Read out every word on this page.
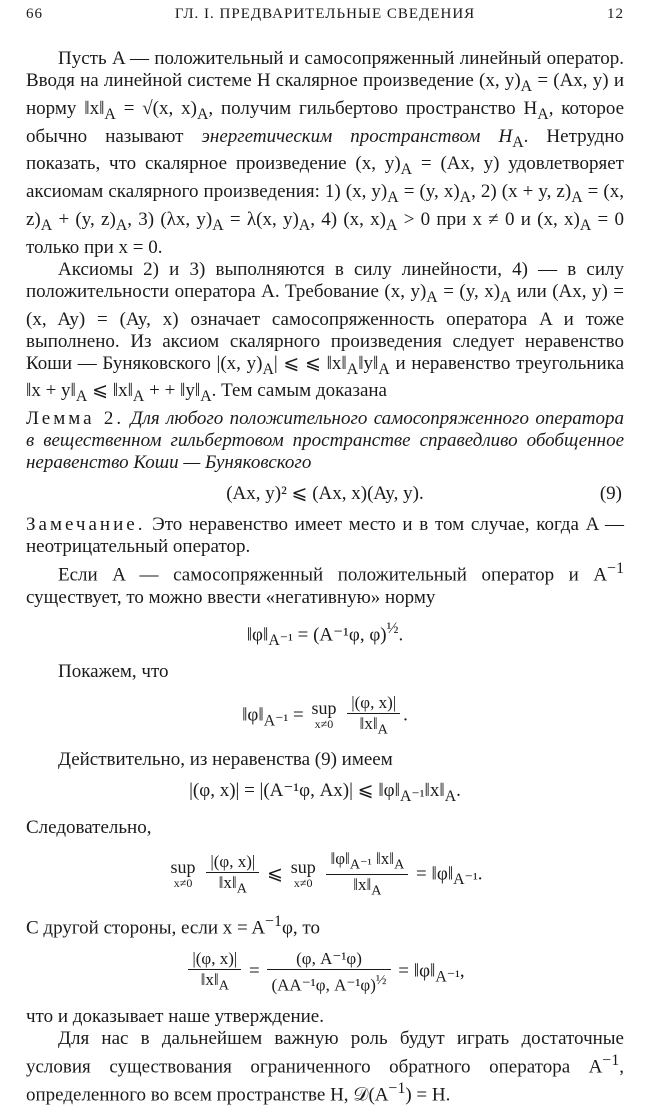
66	ГЛ. I. ПРЕДВАРИТЕЛЬНЫЕ СВЕДЕНИЯ	12

Пусть A — положительный и самосопряженный линейный оператор. Вводя на линейной системе H скалярное произведение (x, $y)_A = (Ax$, y) и норму $‖x‖_A = √(x$, $x)_A$, получим гильбертово пространство $H_A$, которое обычно называют энергетическим пространством $H_A$. Нетрудно показать, что скалярное произведение (x, $y)_A = (Ax$, y) удовлетворяет аксиомам скалярного произведения: 1) (x, $y)_A = (y$, $x)_A$, 2) (x + y, $z)_A = (x$, $z)_A + (y$, $z)_A$, 3) (λx, $y)_A = \lambda(x$, $y)_A$, 4) (x, $x)_A > 0$ при x ≠ 0 и (x, $x)_A = 0$ только при x = 0.

Аксиомы 2) и 3) выполняются в силу линейности, 4) — в силу положительности оператора A. Требование (x, $y)_A = (y$, $x)_A$ или (Ax, y) = (x, Ay) = (Ay, x) означает самосопряженность оператора A и тоже выполнено. Из аксиом скалярного произведения следует неравенство Коши — Буняковского |(x, $y)_A|$ ⩽ ⩽ $‖x‖_A‖y‖_A$ и неравенство треугольника ‖x + $y‖_A$ ⩽ $‖x‖_A$ + + $‖y‖_A$. Тем самым доказана

Лемма 2. Для любого положительного самосопряженного оператора в вещественном гильбертовом пространстве справедливо обобщенное неравенство Коши — Буняковского

(Ax, y)² ⩽ (Ax, x)(Ay, y).	(9)

Замечание. Это неравенство имеет место и в том случае, когда A — неотрицательный оператор.

Если A — самосопряженный положительный оператор и $A^{-1}$ существует, то можно ввести «негативную» норму

$‖\varphi‖_{A^{-1}} = (A^{-1}\varphi$, φ)$^{\frac{1}{2}}$.

Покажем, что

$‖\varphi‖_{A^{-1}}$ = sup
x≠0
$\frac{|(\varphi, x)|}{‖x‖_A}$ .

Действительно, из неравенства (9) имеем

|(φ, x)| = |(A⁻¹φ, Ax)| ⩽ $‖\varphi‖_{A^{-1}}‖x‖_A$.

Следовательно,

sup
x≠0
$\frac{|(\varphi, x)|}{‖x‖_A}$ ⩽ sup
x≠0
$\frac{‖\varphi‖_{A^{-1}} ‖x‖_A}{‖x‖_A}$ = $‖\varphi‖_{A^{-1}}$.

С другой стороны, если $x = A^{-1}\varphi$, то

$\frac{|(\varphi, x)|}{‖x‖_A} = \frac{\text{(φ, A⁻¹φ)}}{(AA^{-1}\varphi, A^{-1}\varphi)^{\frac{1}{2}}}$ = $‖\varphi‖_{A^{-1}}$,

что и доказывает наше утверждение.

Для нас в дальнейшем важную роль будут играть достаточные условия существования ограниченного обратного оператора $A^{-1}$, определенного во всем пространстве H, $𝒟(A^{-1}) = H$.
